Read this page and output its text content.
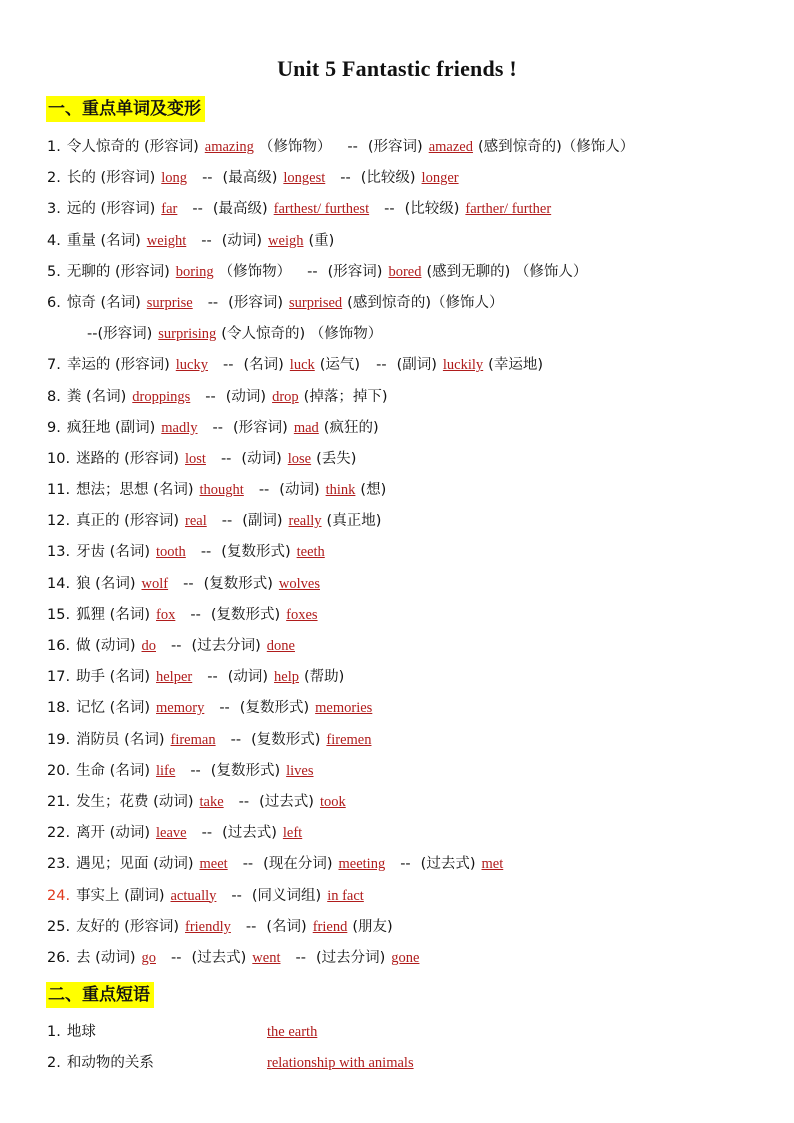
Unit 5 Fantastic friends !
一、重点单词及变形
1. 令人惊奇的 (形容词) amazing （修饰物） -- (形容词) amazed (感到惊奇的)（修饰人）
2. 长的 (形容词) long -- (最高级) longest -- (比较级) longer
3. 远的 (形容词) far -- (最高级) farthest/ furthest -- (比较级) farther/ further
4. 重量 (名词) weight -- (动词) weigh (重)
5. 无聊的 (形容词) boring （修饰物） -- (形容词) bored (感到无聊的) （修饰人）
6. 惊奇 (名词) surprise -- (形容词) surprised (感到惊奇的)（修饰人）
--(形容词) surprising (令人惊奇的) （修饰物）
7. 幸运的 (形容词) lucky -- (名词) luck (运气) -- (副词) luckily (幸运地)
8. 粪 (名词) droppings -- (动词) drop (掉落；掉下)
9. 疯狂地 (副词) madly -- (形容词) mad (疯狂的)
10. 迷路的 (形容词) lost -- (动词) lose (丢失)
11. 想法；思想 (名词) thought -- (动词) think (想)
12. 真正的 (形容词) real -- (副词) really (真正地)
13. 牙齿 (名词) tooth -- (复数形式) teeth
14. 狼 (名词) wolf -- (复数形式) wolves
15. 狐狸 (名词) fox -- (复数形式) foxes
16. 做 (动词) do -- (过去分词) done
17. 助手 (名词) helper -- (动词) help (帮助)
18. 记忆 (名词) memory -- (复数形式) memories
19. 消防员 (名词) fireman -- (复数形式) firemen
20. 生命 (名词) life -- (复数形式) lives
21. 发生；花费 (动词) take -- (过去式) took
22. 离开 (动词) leave -- (过去式) left
23. 遇见；见面 (动词) meet -- (现在分词) meeting -- (过去式) met
24. 事实上 (副词) actually -- (同义词组) in fact
25. 友好的 (形容词) friendly -- (名词) friend (朋友)
26. 去 (动词) go -- (过去式) went -- (过去分词) gone
二、重点短语
1. 地球	the earth
2. 和动物的关系	relationship with animals
